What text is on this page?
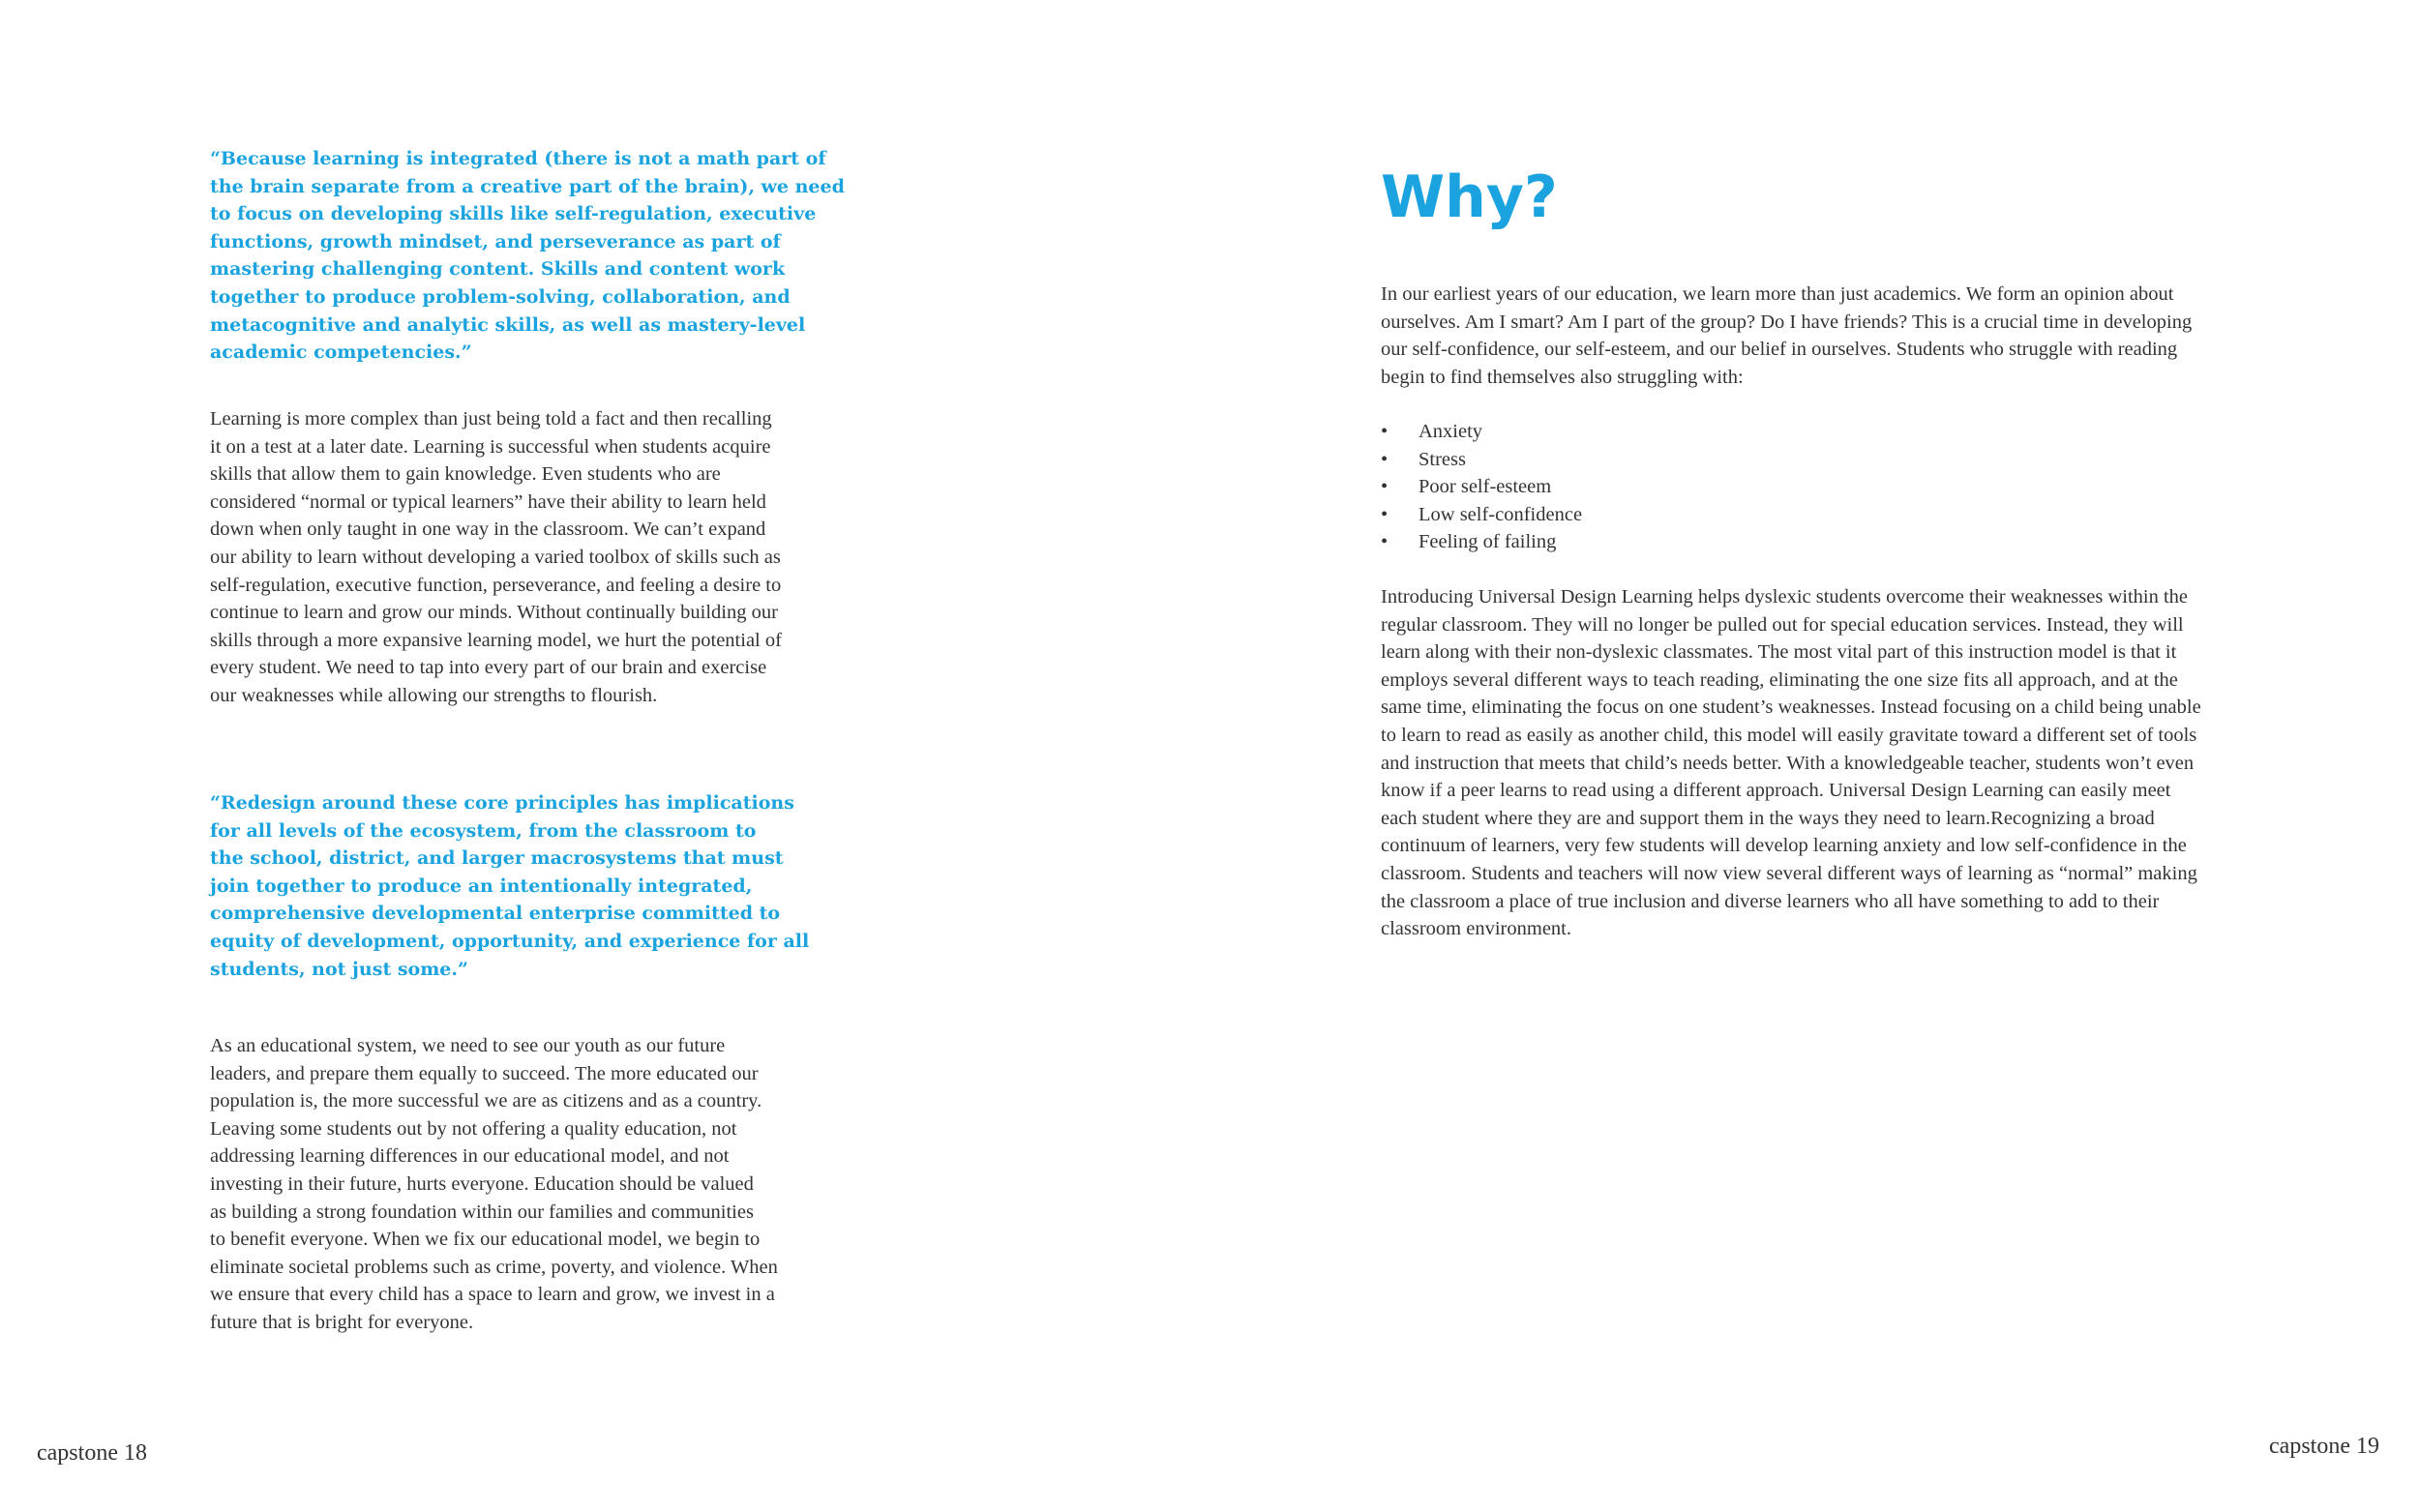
“Because learning is integrated (there is not a math part of
the brain separate from a creative part of the brain), we need
to focus on developing skills like self-regulation, executive
functions, growth mindset, and perseverance as part of
mastering challenging content. Skills and content work
together to produce problem-solving, collaboration, and
metacognitive and analytic skills, as well as mastery-level
academic competencies.”

Learning is more complex than just being told a fact and then recalling
it on a test at a later date. Learning is successful when students acquire
skills that allow them to gain knowledge. Even students who are
considered “normal or typical learners” have their ability to learn held
down when only taught in one way in the classroom. We can’t expand
our ability to learn without developing a varied toolbox of skills such as
self-regulation, executive function, perseverance, and feeling a desire to
continue to learn and grow our minds. Without continually building our
skills through a more expansive learning model, we hurt the potential of
every student. We need to tap into every part of our brain and exercise
our weaknesses while allowing our strengths to flourish.

“Redesign around these core principles has implications
for all levels of the ecosystem, from the classroom to
the school, district, and larger macrosystems that must
join together to produce an intentionally integrated,
comprehensive developmental enterprise committed to
equity of development, opportunity, and experience for all
students, not just some.”

As an educational system, we need to see our youth as our future
leaders, and prepare them equally to succeed. The more educated our
population is, the more successful we are as citizens and as a country.
Leaving some students out by not offering a quality education, not
addressing learning differences in our educational model, and not
investing in their future, hurts everyone. Education should be valued
as building a strong foundation within our families and communities
to benefit everyone. When we fix our educational model, we begin to
eliminate societal problems such as crime, poverty, and violence. When
we ensure that every child has a space to learn and grow, we invest in a
future that is bright for everyone.

capstone 18
Why?

In our earliest years of our education, we learn more than just academics. We form an opinion about
ourselves. Am I smart? Am I part of the group? Do I have friends? This is a crucial time in developing
our self-confidence, our self-esteem, and our belief in ourselves. Students who struggle with reading
begin to find themselves also struggling with:

• Anxiety
• Stress
• Poor self-esteem
• Low self-confidence
• Feeling of failing

Introducing Universal Design Learning helps dyslexic students overcome their weaknesses within the
regular classroom. They will no longer be pulled out for special education services. Instead, they will
learn along with their non-dyslexic classmates. The most vital part of this instruction model is that it
employs several different ways to teach reading, eliminating the one size fits all approach, and at the
same time, eliminating the focus on one student’s weaknesses. Instead focusing on a child being unable
to learn to read as easily as another child, this model will easily gravitate toward a different set of tools
and instruction that meets that child’s needs better. With a knowledgeable teacher, students won’t even
know if a peer learns to read using a different approach. Universal Design Learning can easily meet
each student where they are and support them in the ways they need to learn.Recognizing a broad
continuum of learners, very few students will develop learning anxiety and low self-confidence in the
classroom. Students and teachers will now view several different ways of learning as “normal” making
the classroom a place of true inclusion and diverse learners who all have something to add to their
classroom environment.

capstone 19
